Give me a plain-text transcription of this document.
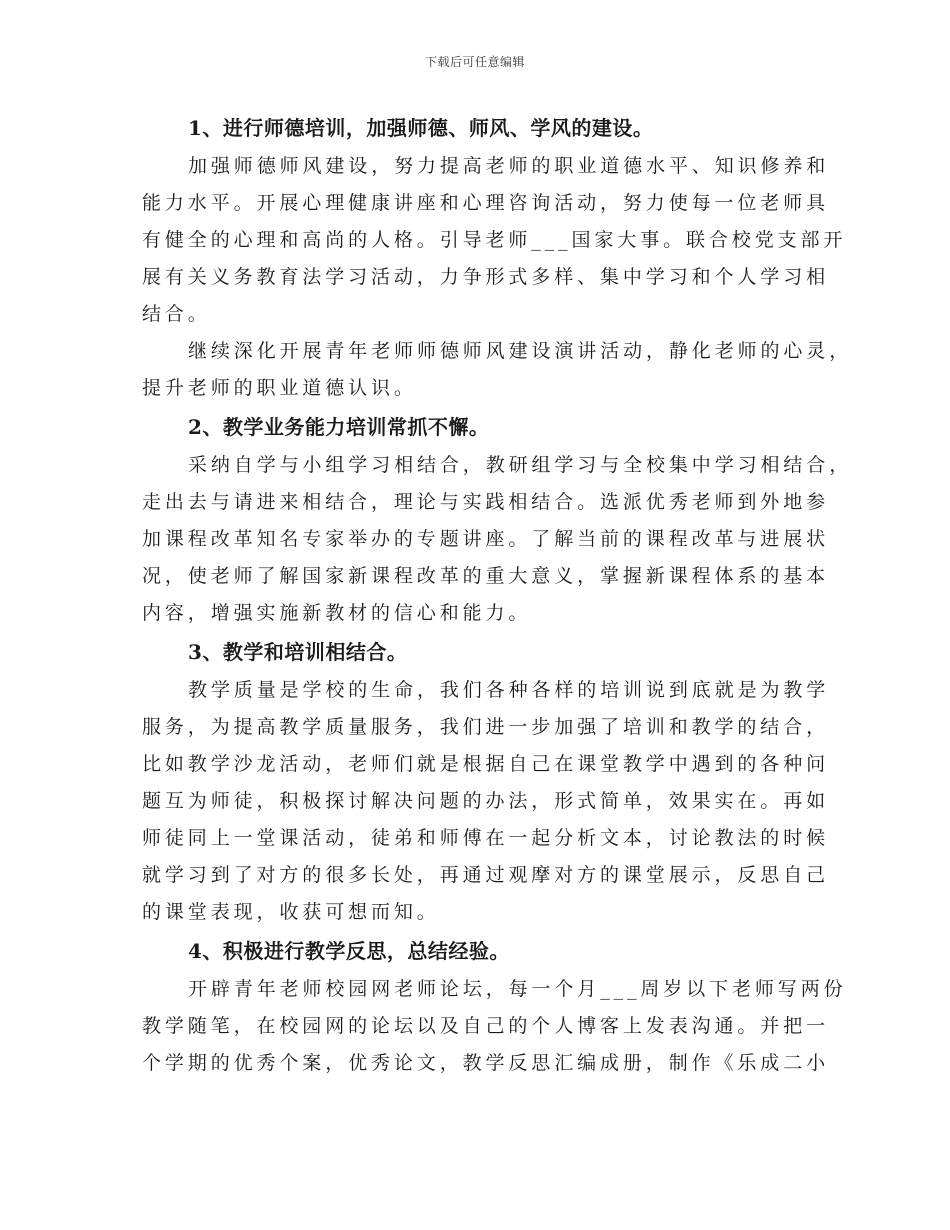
下载后可任意编辑
1、进行师德培训，加强师德、师风、学风的建设。
加强师德师风建设，努力提高老师的职业道德水平、知识修养和
能力水平。开展心理健康讲座和心理咨询活动，努力使每一位老师具
有健全的心理和高尚的人格。引导老师___国家大事。联合校党支部开
展有关义务教育法学习活动，力争形式多样、集中学习和个人学习相
结合。
继续深化开展青年老师师德师风建设演讲活动，静化老师的心灵，
提升老师的职业道德认识。
2、教学业务能力培训常抓不懈。
采纳自学与小组学习相结合，教研组学习与全校集中学习相结合，
走出去与请进来相结合，理论与实践相结合。选派优秀老师到外地参
加课程改革知名专家举办的专题讲座。了解当前的课程改革与进展状
况，使老师了解国家新课程改革的重大意义，掌握新课程体系的基本
内容，增强实施新教材的信心和能力。
3、教学和培训相结合。
教学质量是学校的生命，我们各种各样的培训说到底就是为教学
服务，为提高教学质量服务，我们进一步加强了培训和教学的结合，
比如教学沙龙活动，老师们就是根据自己在课堂教学中遇到的各种问
题互为师徒，积极探讨解决问题的办法，形式简单，效果实在。再如
师徒同上一堂课活动，徒弟和师傅在一起分析文本，讨论教法的时候
就学习到了对方的很多长处，再通过观摩对方的课堂展示，反思自己
的课堂表现，收获可想而知。
4、积极进行教学反思，总结经验。
开辟青年老师校园网老师论坛，每一个月___周岁以下老师写两份
教学随笔，在校园网的论坛以及自己的个人博客上发表沟通。并把一
个学期的优秀个案，优秀论文，教学反思汇编成册，制作《乐成二小
